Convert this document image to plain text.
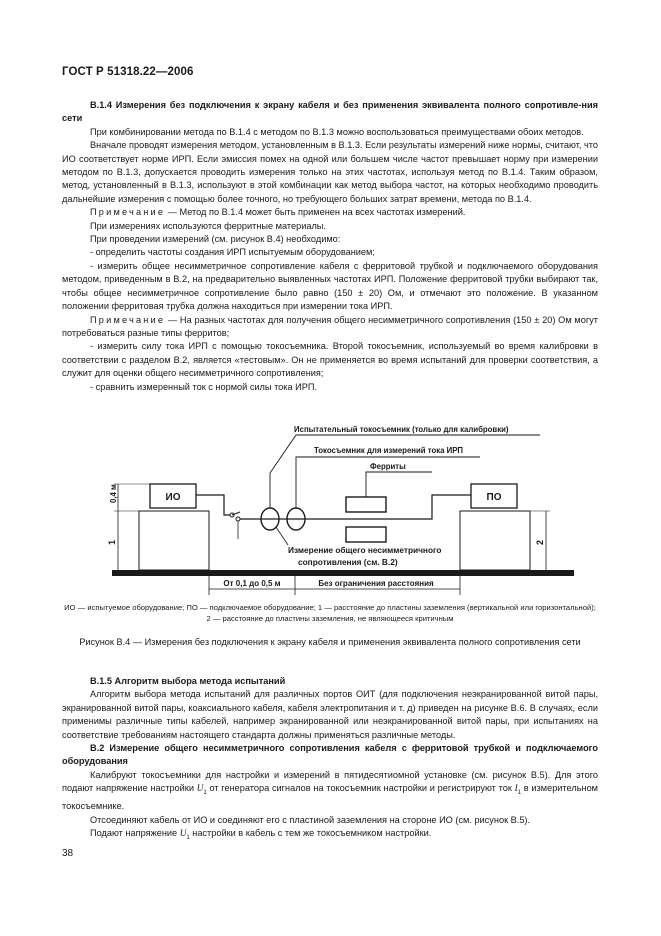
ГОСТ Р 51318.22—2006

В.1.4 Измерения без подключения к экрану кабеля и без применения эквивалента полного сопротивле-ния сети

При комбинировании метода по В.1.4 с методом по В.1.3 можно воспользоваться преимуществами обоих методов.

Вначале проводят измерения методом, установленным в В.1.3. Если результаты измерений ниже нормы, считают, что ИО соответствует норме ИРП. Если эмиссия помех на одной или большем числе частот превышает норму при измерении методом по В.1.3, допускается проводить измерения только на этих частотах, используя метод по В.1.4. Таким образом, метод, установленный в В.1.3, используют в этой комбинации как метод выбора частот, на которых необходимо проводить дальнейшие измерения с помощью более точного, но требующего больших затрат времени, метода по В.1.4.

Примечание — Метод по В.1.4 может быть применен на всех частотах измерений.

При измерениях используются ферритные материалы.

При проведении измерений (см. рисунок В.4) необходимо:

- определить частоты создания ИРП испытуемым оборудованием;

- измерить общее несимметричное сопротивление кабеля с ферритовой трубкой и подключаемого оборудования методом, приведенным в В.2, на предварительно выявленных частотах ИРП. Положение ферритовой трубки выбирают так, чтобы общее несимметричное сопротивление было равно (150 ± 20) Ом, и отмечают это положение. В указанном положении ферритовая трубка должна находиться при измерении тока ИРП.

Примечание — На разных частотах для получения общего несимметричного сопротивления (150 ± 20) Ом могут потребоваться разные типы ферритов;

- измерить силу тока ИРП с помощью токосъемника. Второй токосъемник, используемый во время калибровки в соответствии с разделом В.2, является «тестовым». Он не применяется во время испытаний для проверки соответствия, а служит для оценки общего несимметричного сопротивления;

- сравнить измеренный ток с нормой силы тока ИРП.

ИО	ПО
Испытательный токосъемник (только для калибровки)
Токосъемник для измерений тока ИРП
Ферриты
Измерение общего несимметричного
сопротивления (см. В.2)
0,4 м
1	2
От 0,1 до 0,5 м	Без ограничения расстояния
ИО — испытуемое оборудование; ПО — подключаемое оборудование; 1 — расстояние до пластины заземления (вертикальной или горизонтальной); 2 — расстояние до пластины заземления, не являющееся критичным
Рисунок В.4 — Измерения без подключения к экрану кабеля и применения эквивалента полного сопротивления сети

В.1.5 Алгоритм выбора метода испытаний

Алгоритм выбора метода испытаний для различных портов ОИТ (для подключения неэкранированной витой пары, экранированной витой пары, коаксиального кабеля, кабеля электропитания и т. д) приведен на рисунке В.6. В случаях, если применимы различные типы кабелей, например экранированной или неэкранированной витой пары, при испытаниях на соответствие требованиям настоящего стандарта должны применяться различные методы.

В.2 Измерение общего несимметричного сопротивления кабеля с ферритовой трубкой и подключаемого оборудования

Калибруют токосъемники для настройки и измерений в пятидесятиомной установке (см. рисунок В.5). Для этого подают напряжение настройки $U_1$ от генератора сигналов на токосъемник настройки и регистрируют ток $I_1$ в измерительном токосъемнике.

Отсоединяют кабель от ИО и соединяют его с пластиной заземления на стороне ИО (см. рисунок В.5).

Подают напряжение $U_1$ настройки в кабель с тем же токосъемником настройки.

38
